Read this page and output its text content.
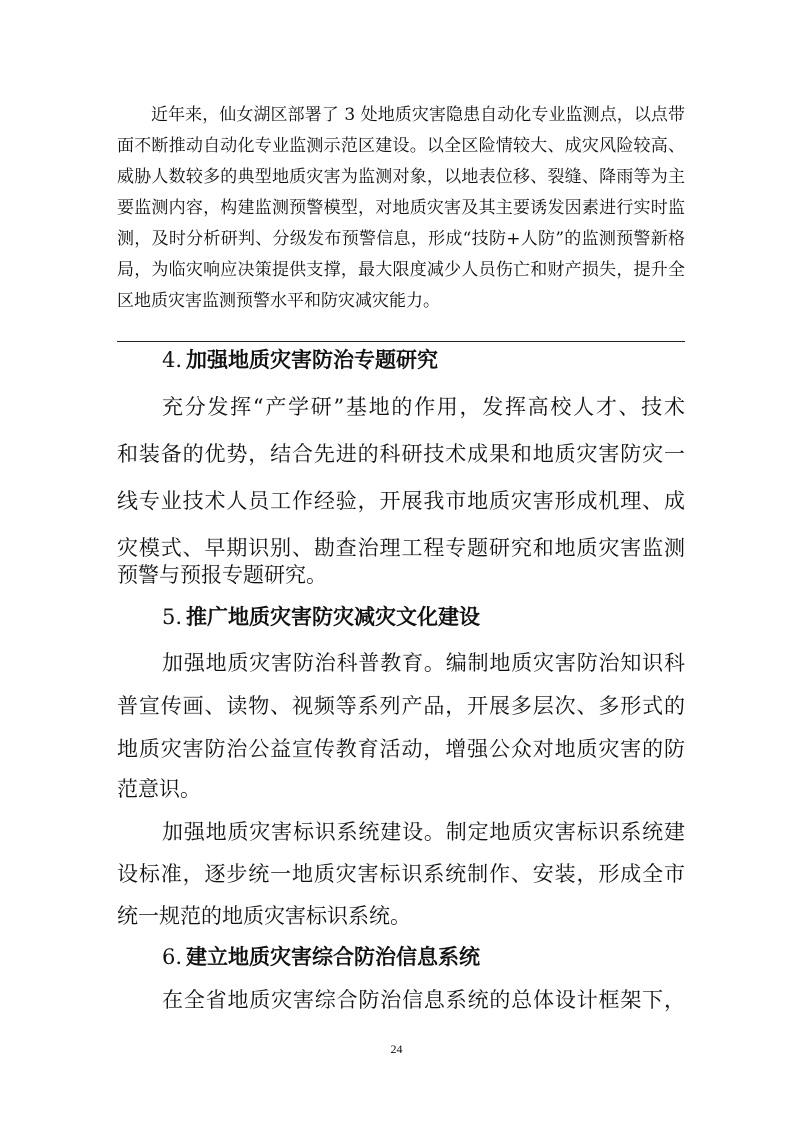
近年来，仙女湖区部署了 3 处地质灾害隐患自动化专业监测点，以点带
面不断推动自动化专业监测示范区建设。以全区险情较大、成灾风险较高、
威胁人数较多的典型地质灾害为监测对象，以地表位移、裂缝、降雨等为主
要监测内容，构建监测预警模型，对地质灾害及其主要诱发因素进行实时监
测，及时分析研判、分级发布预警信息，形成“技防+人防”的监测预警新格
局，为临灾响应决策提供支撑，最大限度减少人员伤亡和财产损失，提升全
区地质灾害监测预警水平和防灾减灾能力。
4. 加强地质灾害防治专题研究
充分发挥“产学研”基地的作用，发挥高校人才、技术
和装备的优势，结合先进的科研技术成果和地质灾害防灾一
线专业技术人员工作经验，开展我市地质灾害形成机理、成
灾模式、早期识别、勘查治理工程专题研究和地质灾害监测
预警与预报专题研究。
5. 推广地质灾害防灾减灾文化建设
加强地质灾害防治科普教育。编制地质灾害防治知识科
普宣传画、读物、视频等系列产品，开展多层次、多形式的
地质灾害防治公益宣传教育活动，增强公众对地质灾害的防
范意识。
加强地质灾害标识系统建设。制定地质灾害标识系统建
设标准，逐步统一地质灾害标识系统制作、安装，形成全市
统一规范的地质灾害标识系统。
6. 建立地质灾害综合防治信息系统
在全省地质灾害综合防治信息系统的总体设计框架下，
24
